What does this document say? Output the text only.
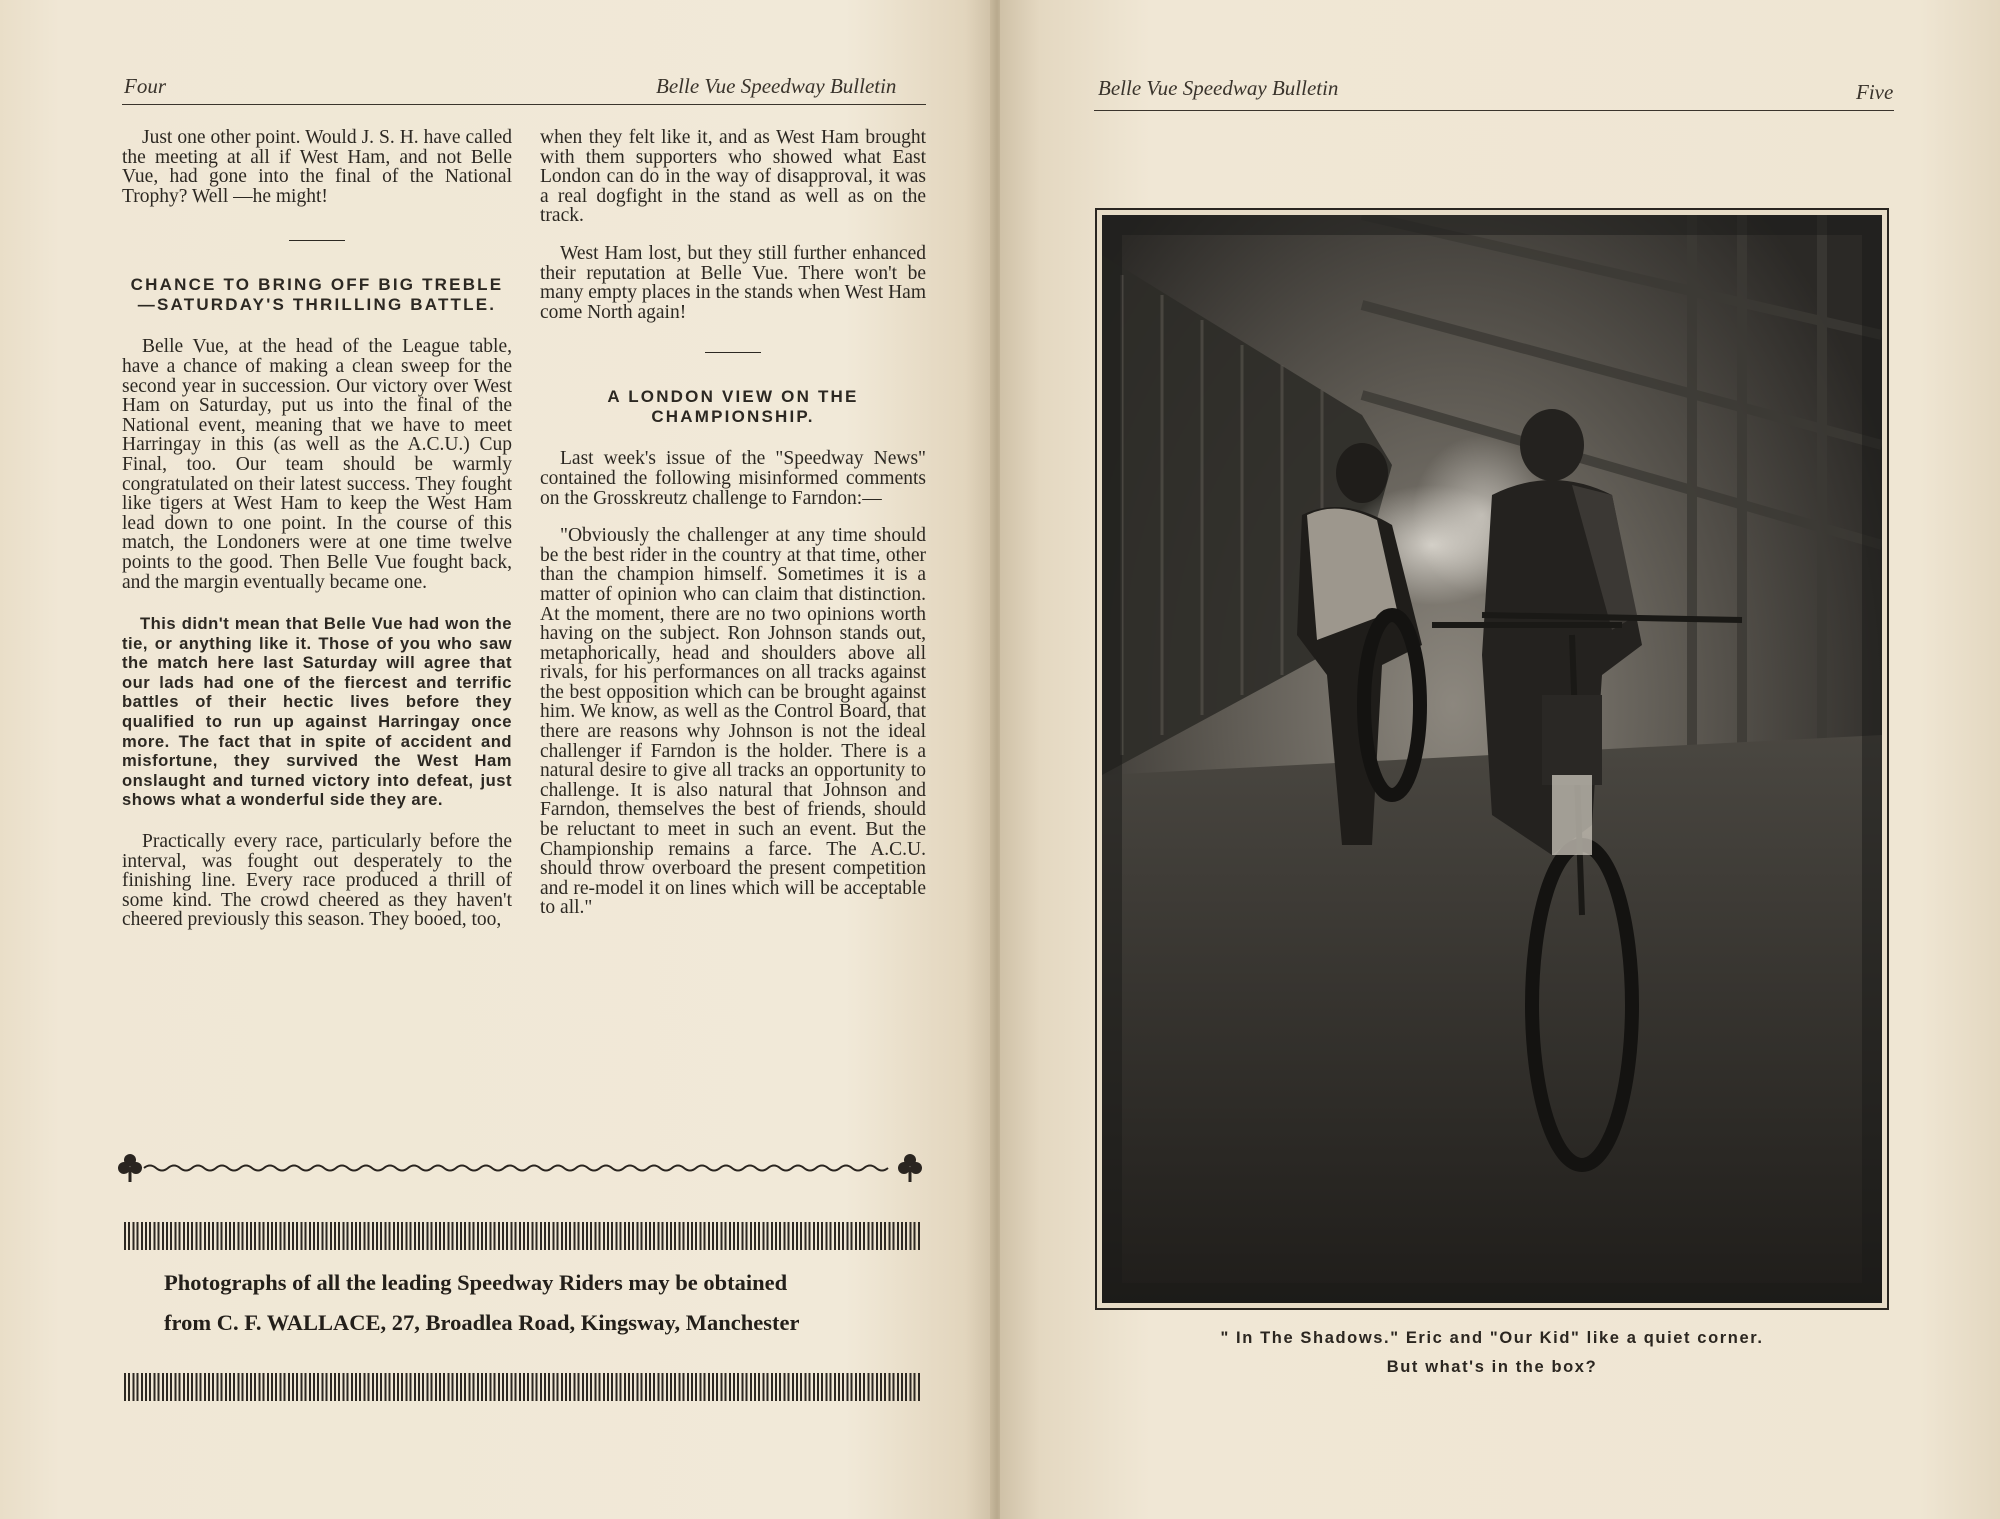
Four	Belle Vue Speedway Bulletin

Just one other point. Would J. S. H. have called the meeting at all if West Ham, and not Belle Vue, had gone into the final of the National Trophy? Well —he might!

CHANCE TO BRING OFF BIG TREBLE—SATURDAY'S THRILLING BATTLE.

Belle Vue, at the head of the League table, have a chance of making a clean sweep for the second year in succession. Our victory over West Ham on Saturday, put us into the final of the National event, meaning that we have to meet Harringay in this (as well as the A.C.U.) Cup Final, too. Our team should be warmly congratulated on their latest success. They fought like tigers at West Ham to keep the West Ham lead down to one point. In the course of this match, the Londoners were at one time twelve points to the good. Then Belle Vue fought back, and the margin eventually became one.

This didn't mean that Belle Vue had won the tie, or anything like it. Those of you who saw the match here last Saturday will agree that our lads had one of the fiercest and terrific battles of their hectic lives before they qualified to run up against Harringay once more. The fact that in spite of accident and misfortune, they survived the West Ham onslaught and turned victory into defeat, just shows what a wonderful side they are.

Practically every race, particularly before the interval, was fought out desperately to the finishing line. Every race produced a thrill of some kind. The crowd cheered as they haven't cheered previously this season. They booed, too,

when they felt like it, and as West Ham brought with them supporters who showed what East London can do in the way of disapproval, it was a real dogfight in the stand as well as on the track.

West Ham lost, but they still further enhanced their reputation at Belle Vue. There won't be many empty places in the stands when West Ham come North again!

A LONDON VIEW ON THE CHAMPIONSHIP.

Last week's issue of the "Speedway News" contained the following misinformed comments on the Grosskreutz challenge to Farndon:—

"Obviously the challenger at any time should be the best rider in the country at that time, other than the champion himself. Sometimes it is a matter of opinion who can claim that distinction. At the moment, there are no two opinions worth having on the subject. Ron Johnson stands out, metaphorically, head and shoulders above all rivals, for his performances on all tracks against the best opposition which can be brought against him. We know, as well as the Control Board, that there are reasons why Johnson is not the ideal challenger if Farndon is the holder. There is a natural desire to give all tracks an opportunity to challenge. It is also natural that Johnson and Farndon, themselves the best of friends, should be reluctant to meet in such an event. But the Championship remains a farce. The A.C.U. should throw overboard the present competition and re-model it on lines which will be acceptable to all."

Photographs of all the leading Speedway Riders may be obtained
from C. F. WALLACE, 27, Broadlea Road, Kingsway, Manchester
Belle Vue Speedway Bulletin	Five
" In The Shadows." Eric and "Our Kid" like a quiet corner.
But what's in the box?
